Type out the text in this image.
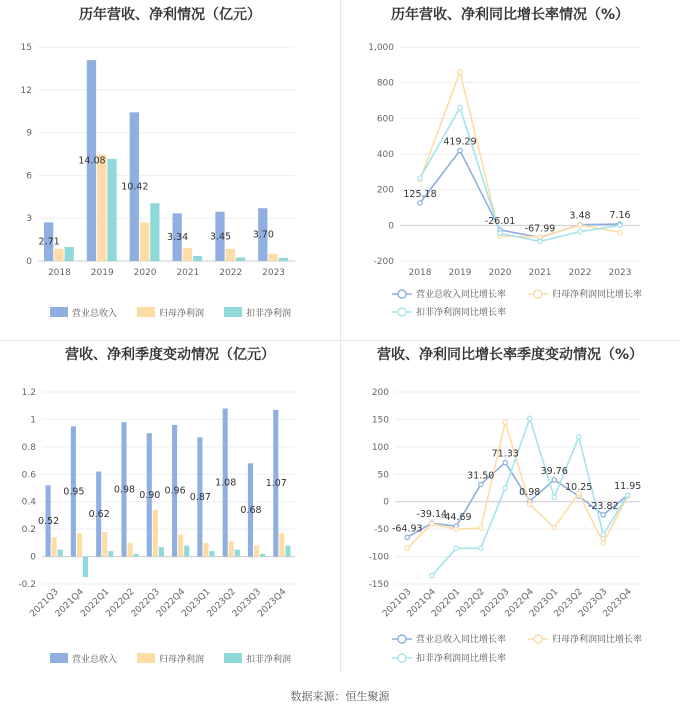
历年营收、净利情况（亿元）
0
3
6
9
12
15
2018 2019 2020 2021 2022 2023
2.71
14.08
10.42
3.34 3.45 3.70
营业总收入	归母净利润	扣非净利润
历年营收、净利同比增长率情况（%）
-200
0
200
400
600
800
1,000
2018 2019 2020 2021 2022 2023
125.18
419.29
-26.01
-67.99
3.48 7.16
营业总收入同比增长率	归母净利润同比增长率
扣非净利润同比增长率
营收、净利季度变动情况（亿元）
-0.2
0
0.2
0.4
0.6
0.8
1
1.2
2021Q3
2021Q4
2022Q1
2022Q2
2022Q3
2022Q4
2023Q1
2023Q2
2023Q3
2023Q4
0.52
0.95
0.62
0.98 0.90 0.96
0.87
1.08
0.68
1.07
营业总收入	归母净利润	扣非净利润
营收、净利同比增长率季度变动情况（%）
-150
-100
-50
0
50
100
150
200
2021Q3
2021Q4
2022Q1
2022Q2
2022Q3
2022Q4
2023Q1
2023Q2
2023Q3
2023Q4
-64.93
-39.14
-44.69
31.50
71.33
0.98
39.76
10.25
-23.82
11.95
营业总收入同比增长率	归母净利润同比增长率
扣非净利润同比增长率
数据来源：恒生聚源
